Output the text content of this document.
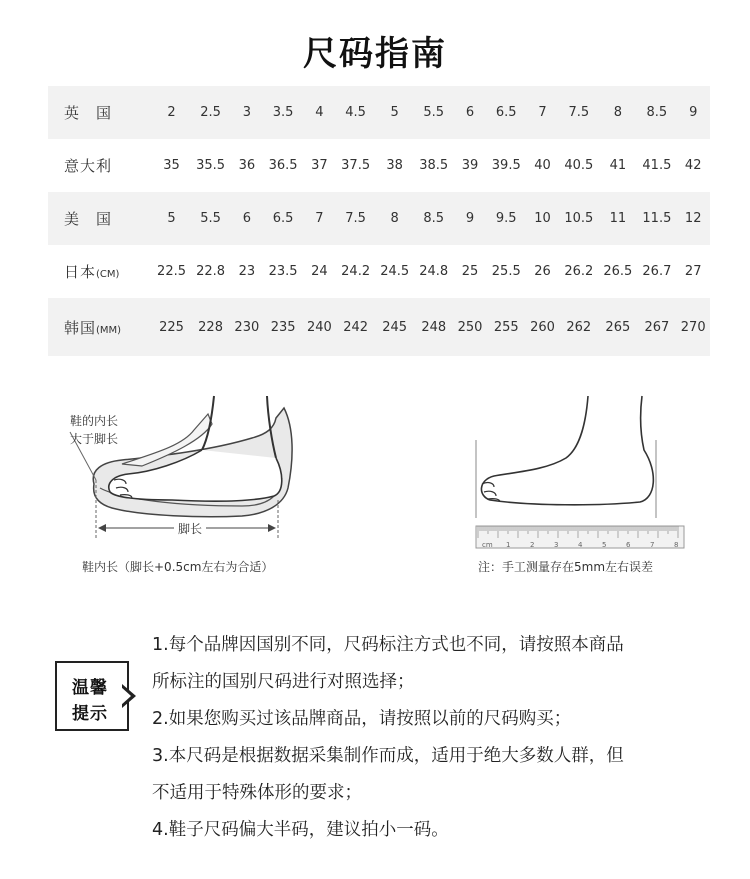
尺码指南
英　国	2	2.5	3	3.5	4	4.5	5	5.5	6	6.5	7	7.5	8	8.5	9
意大利	35	35.5	36	36.5	37	37.5	38	38.5	39	39.5	40	40.5	41	41.5	42
美　国	5	5.5	6	6.5	7	7.5	8	8.5	9	9.5	10	10.5	11	11.5	12
日本(CM)	22.5	22.8	23	23.5	24	24.2	24.5	24.8	25	25.5	26	26.2	26.5	26.7	27
韩国(MM)	225	228	230	235	240	242	245	248	250	255	260	262	265	267	270
鞋的内长
大于脚长
脚长
鞋内长（脚长+0.5cm左右为合适）
cm 1	2	3	4	5	6	7	8
注：手工测量存在5mm左右误差
温馨
提示

1.每个品牌因国别不同，尺码标注方式也不同，请按照本商品

所标注的国别尺码进行对照选择；

2.如果您购买过该品牌商品，请按照以前的尺码购买；

3.本尺码是根据数据采集制作而成，适用于绝大多数人群，但

不适用于特殊体形的要求；

4.鞋子尺码偏大半码，建议拍小一码。
